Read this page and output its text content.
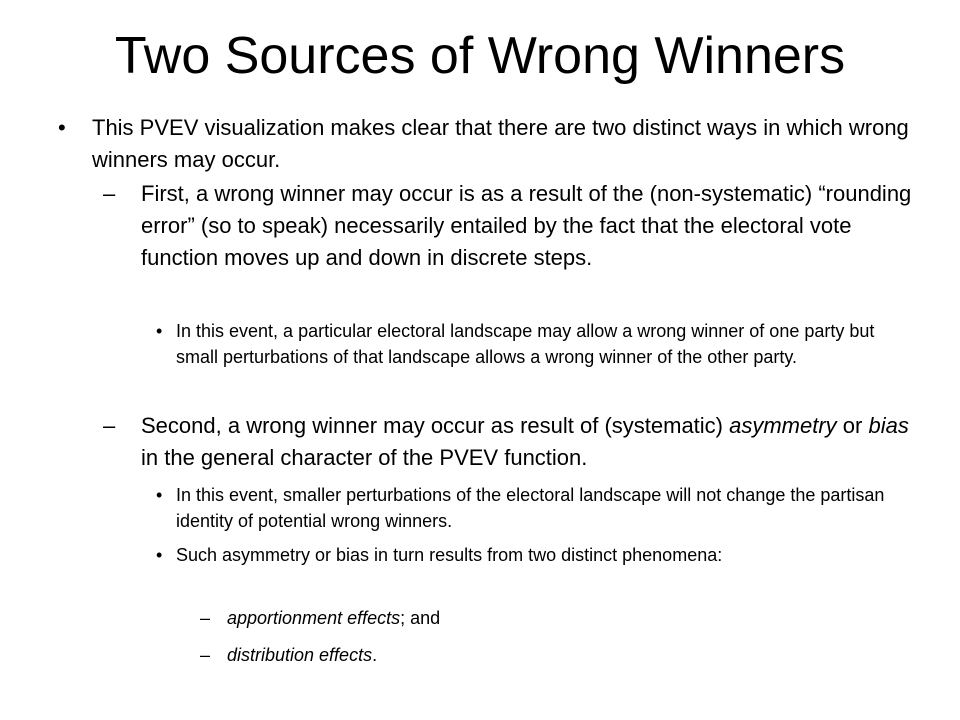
Two Sources of Wrong Winners
•	This PVEV visualization makes clear that there are two distinct ways in which wrong winners may occur.
–	First, a wrong winner may occur is as a result of the (non-systematic) “rounding error” (so to speak) necessarily entailed by the fact that the electoral vote function moves up and down in discrete steps.
• In this event, a particular electoral landscape may allow a wrong winner of one party but small perturbations of that landscape allows a wrong winner of the other party.
–	Second, a wrong winner may occur as result of (systematic) asymmetry or bias in the general character of the PVEV function.
• In this event, smaller perturbations of the electoral landscape will not change the partisan identity of potential wrong winners.
• Such asymmetry or bias in turn results from two distinct phenomena:
– apportionment effects; and
– distribution effects.
